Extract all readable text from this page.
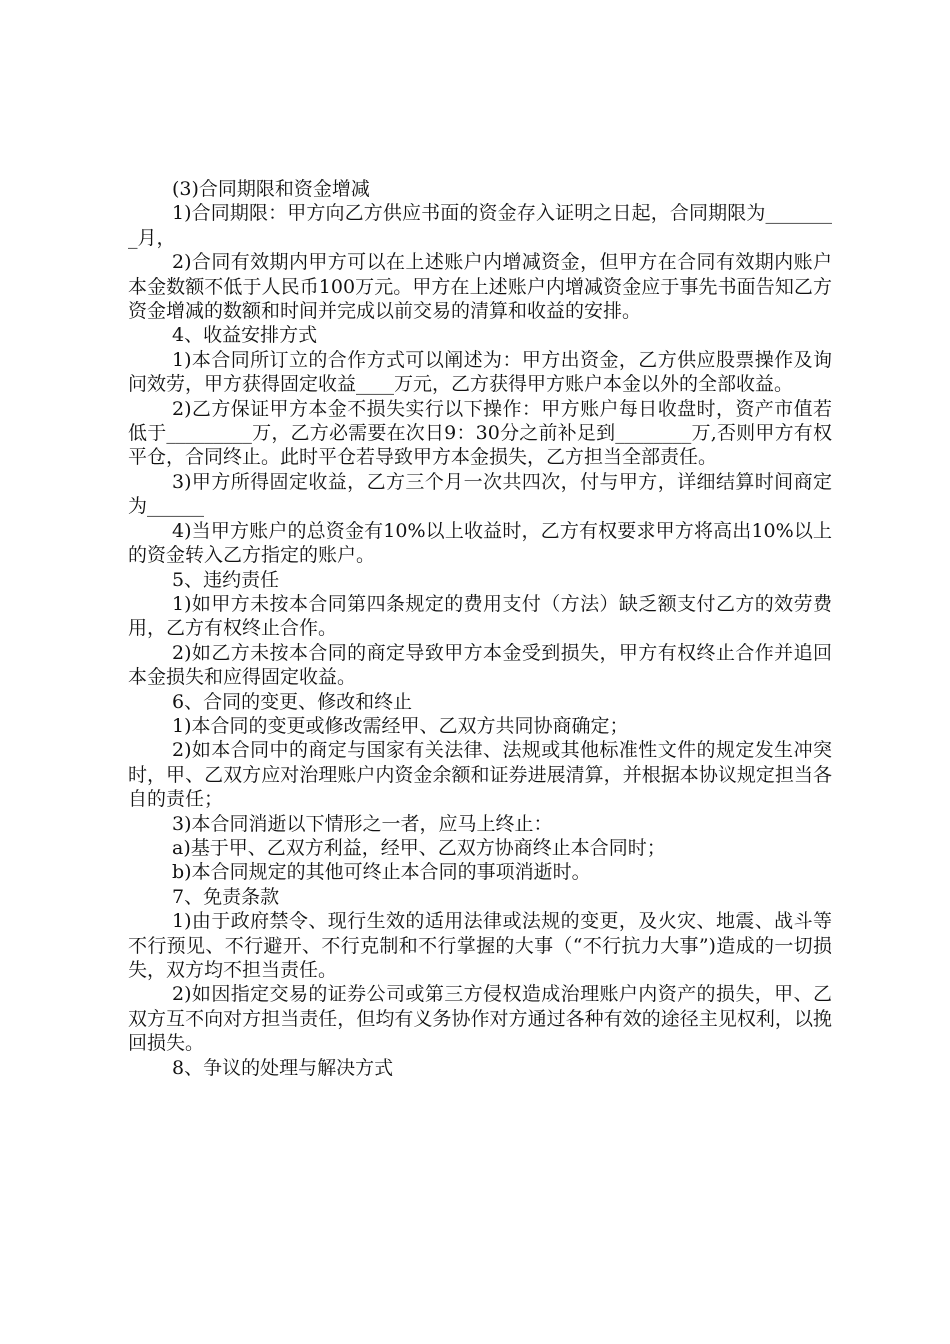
(3)合同期限和资金增减

1)合同期限：甲方向乙方供应书面的资金存入证明之日起，合同期限为________月，

2)合同有效期内甲方可以在上述账户内增减资金，但甲方在合同有效期内账户本金数额不低于人民币100万元。甲方在上述账户内增减资金应于事先书面告知乙方资金增减的数额和时间并完成以前交易的清算和收益的安排。

4、收益安排方式

1)本合同所订立的合作方式可以阐述为：甲方出资金，乙方供应股票操作及询问效劳，甲方获得固定收益____万元，乙方获得甲方账户本金以外的全部收益。

2)乙方保证甲方本金不损失实行以下操作：甲方账户每日收盘时，资产市值若低于_________万，乙方必需要在次日9：30分之前补足到________万,否则甲方有权平仓，合同终止。此时平仓若导致甲方本金损失，乙方担当全部责任。

3)甲方所得固定收益，乙方三个月一次共四次，付与甲方，详细结算时间商定为______

4)当甲方账户的总资金有10%以上收益时，乙方有权要求甲方将高出10%以上的资金转入乙方指定的账户。

5、违约责任

1)如甲方未按本合同第四条规定的费用支付（方法）缺乏额支付乙方的效劳费用，乙方有权终止合作。

2)如乙方未按本合同的商定导致甲方本金受到损失，甲方有权终止合作并追回本金损失和应得固定收益。

6、合同的变更、修改和终止

1)本合同的变更或修改需经甲、乙双方共同协商确定；

2)如本合同中的商定与国家有关法律、法规或其他标准性文件的规定发生冲突时，甲、乙双方应对治理账户内资金余额和证券进展清算，并根据本协议规定担当各自的责任；

3)本合同消逝以下情形之一者，应马上终止：

a)基于甲、乙双方利益，经甲、乙双方协商终止本合同时；

b)本合同规定的其他可终止本合同的事项消逝时。

7、免责条款

1)由于政府禁令、现行生效的适用法律或法规的变更，及火灾、地震、战斗等不行预见、不行避开、不行克制和不行掌握的大事（“不行抗力大事”)造成的一切损失，双方均不担当责任。

2)如因指定交易的证券公司或第三方侵权造成治理账户内资产的损失，甲、乙双方互不向对方担当责任，但均有义务协作对方通过各种有效的途径主见权利，以挽回损失。

8、争议的处理与解决方式
